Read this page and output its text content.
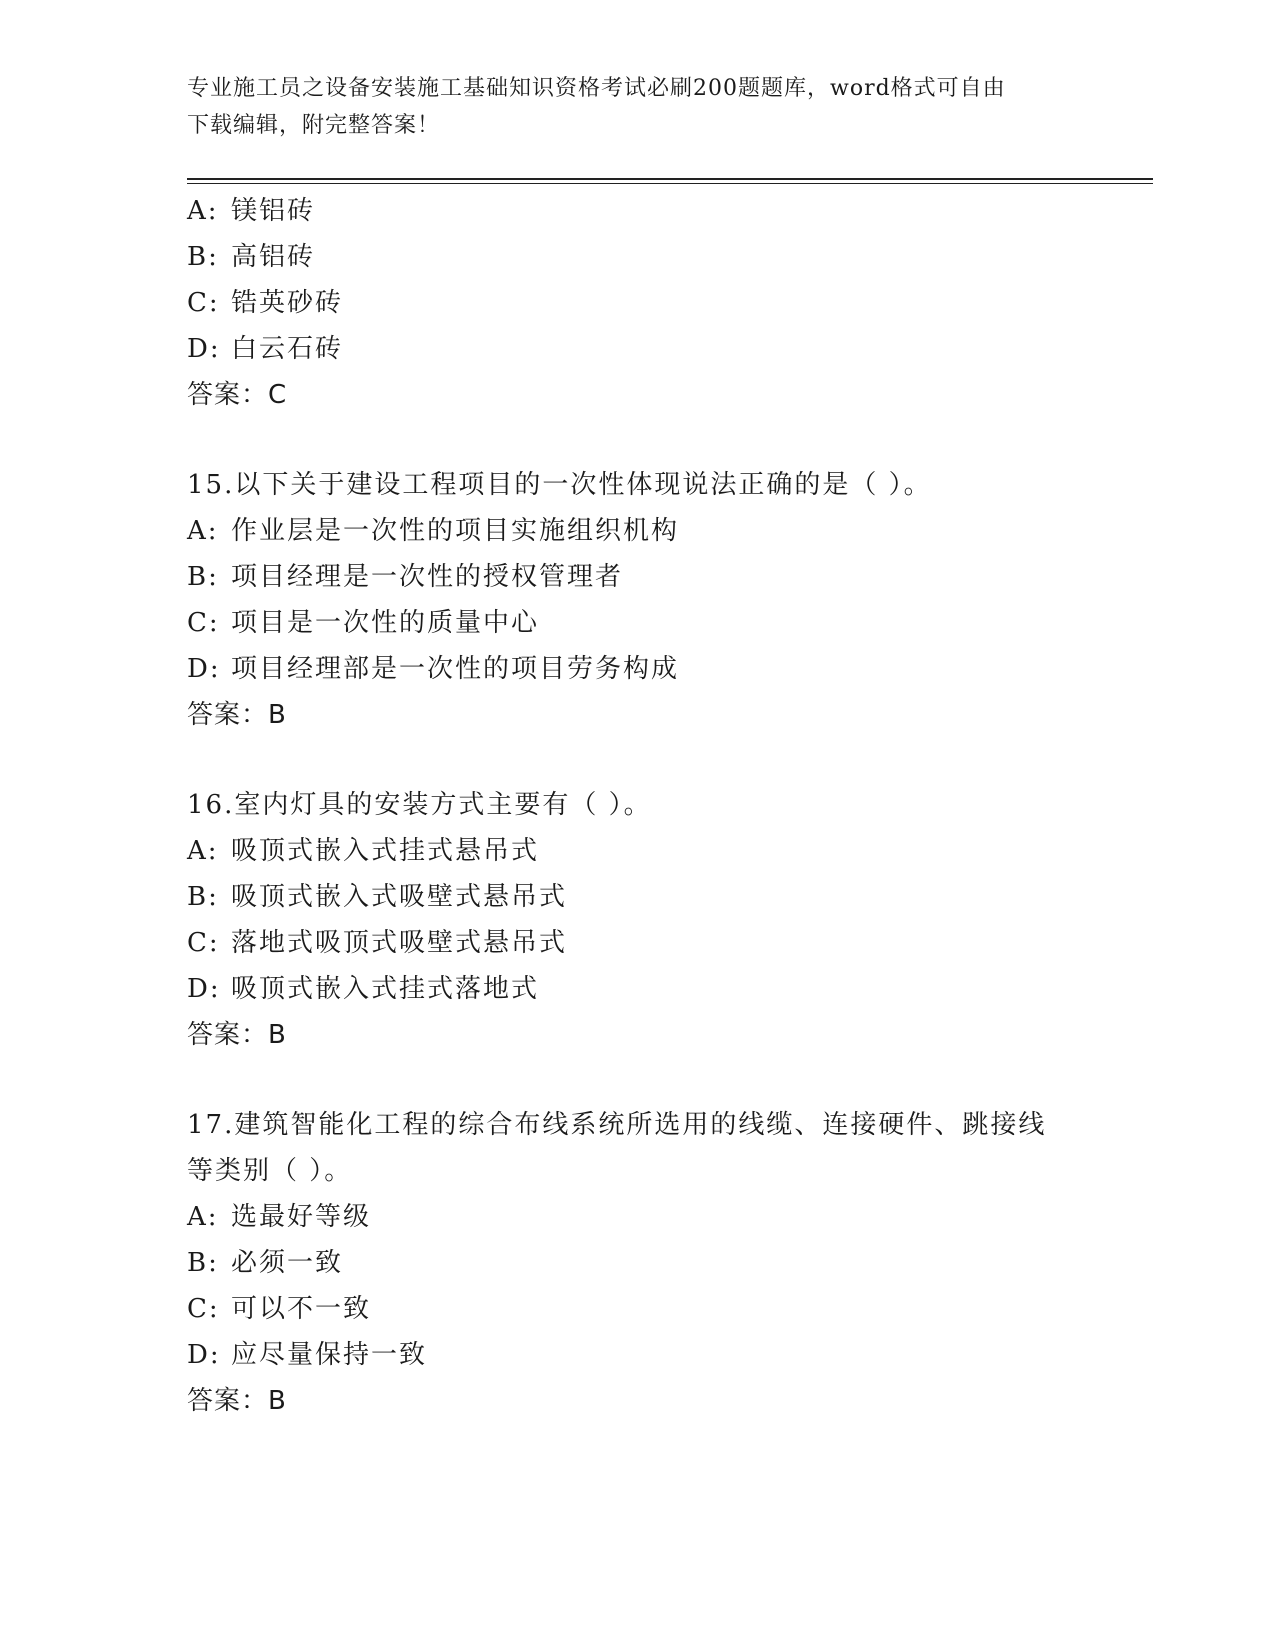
专业施工员之设备安装施工基础知识资格考试必刷200题题库，word格式可自由
下载编辑，附完整答案！
A: 镁铝砖
B: 高铝砖
C: 锆英砂砖
D: 白云石砖
答案：C
15.以下关于建设工程项目的一次性体现说法正确的是（ ）。
A: 作业层是一次性的项目实施组织机构
B: 项目经理是一次性的授权管理者
C: 项目是一次性的质量中心
D: 项目经理部是一次性的项目劳务构成
答案：B
16.室内灯具的安装方式主要有（ ）。
A: 吸顶式嵌入式挂式悬吊式
B: 吸顶式嵌入式吸壁式悬吊式
C: 落地式吸顶式吸壁式悬吊式
D: 吸顶式嵌入式挂式落地式
答案：B
17.建筑智能化工程的综合布线系统所选用的线缆、连接硬件、跳接线
等类别（ ）。
A: 选最好等级
B: 必须一致
C: 可以不一致
D: 应尽量保持一致
答案：B
